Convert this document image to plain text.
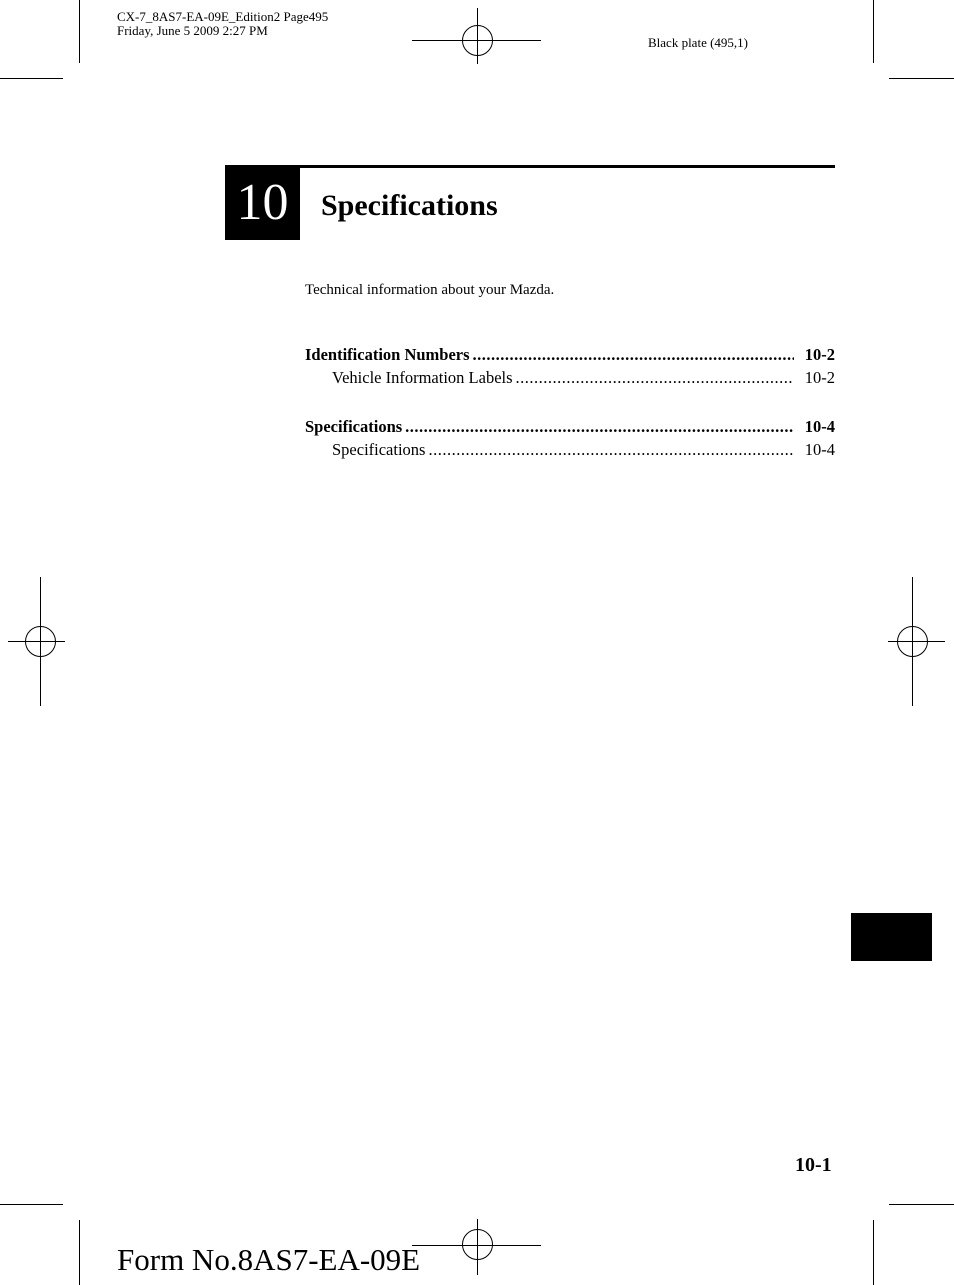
CX-7_8AS7-EA-09E_Edition2 Page495
Friday, June 5 2009 2:27 PM
Black plate (495,1)
10	Specifications
Technical information about your Mazda.
Identification Numbers .....	10-2
Vehicle Information Labels .....	10-2
Specifications .....	10-4
Specifications .....	10-4
10-1
Form No.8AS7-EA-09E
